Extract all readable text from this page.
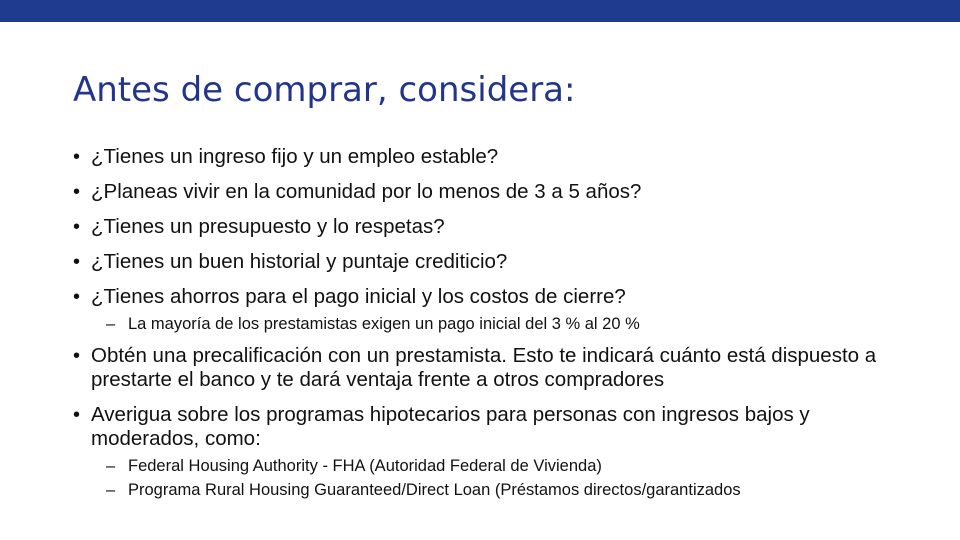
Antes de comprar, considera:
• ¿Tienes un ingreso fijo y un empleo estable?
• ¿Planeas vivir en la comunidad por lo menos de 3 a 5 años?
• ¿Tienes un presupuesto y lo respetas?
• ¿Tienes un buen historial y puntaje crediticio?
• ¿Tienes ahorros para el pago inicial y los costos de cierre?
– La mayoría de los prestamistas exigen un pago inicial del 3 % al 20 %
• Obtén una precalificación con un prestamista. Esto te indicará cuánto está dispuesto a prestarte el banco y te dará ventaja frente a otros compradores
• Averigua sobre los programas hipotecarios para personas con ingresos bajos y moderados, como:
– Federal Housing Authority - FHA (Autoridad Federal de Vivienda)
– Programa Rural Housing Guaranteed/Direct Loan (Préstamos directos/garantizados
